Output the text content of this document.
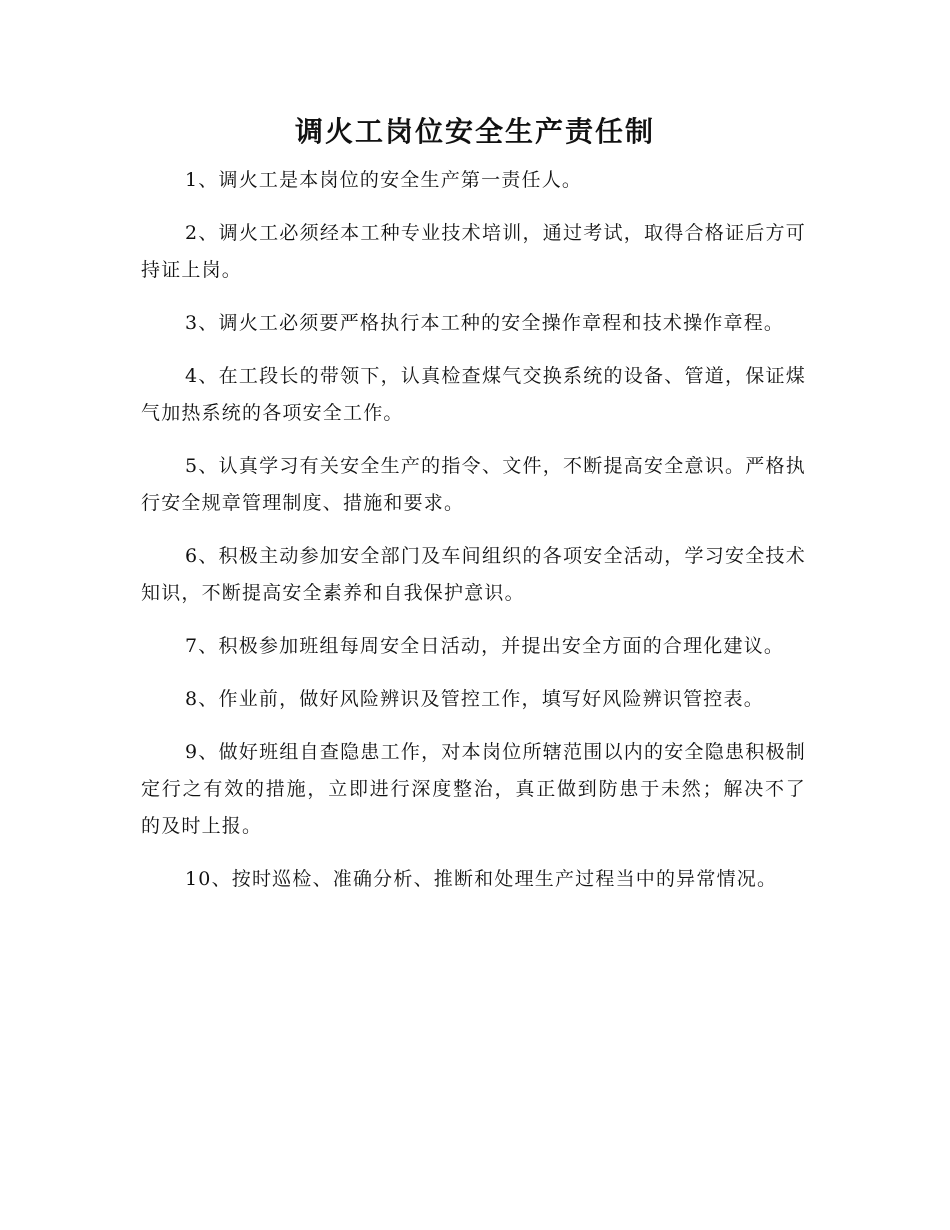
调火工岗位安全生产责任制

1、调火工是本岗位的安全生产第一责任人。

2、调火工必须经本工种专业技术培训，通过考试，取得合格证后方可持证上岗。

3、调火工必须要严格执行本工种的安全操作章程和技术操作章程。

4、在工段长的带领下，认真检查煤气交换系统的设备、管道，保证煤气加热系统的各项安全工作。

5、认真学习有关安全生产的指令、文件，不断提高安全意识。严格执行安全规章管理制度、措施和要求。

6、积极主动参加安全部门及车间组织的各项安全活动，学习安全技术知识，不断提高安全素养和自我保护意识。

7、积极参加班组每周安全日活动，并提出安全方面的合理化建议。

8、作业前，做好风险辨识及管控工作，填写好风险辨识管控表。

9、做好班组自查隐患工作，对本岗位所辖范围以内的安全隐患积极制定行之有效的措施，立即进行深度整治，真正做到防患于未然；解决不了的及时上报。

10、按时巡检、准确分析、推断和处理生产过程当中的异常情况。
